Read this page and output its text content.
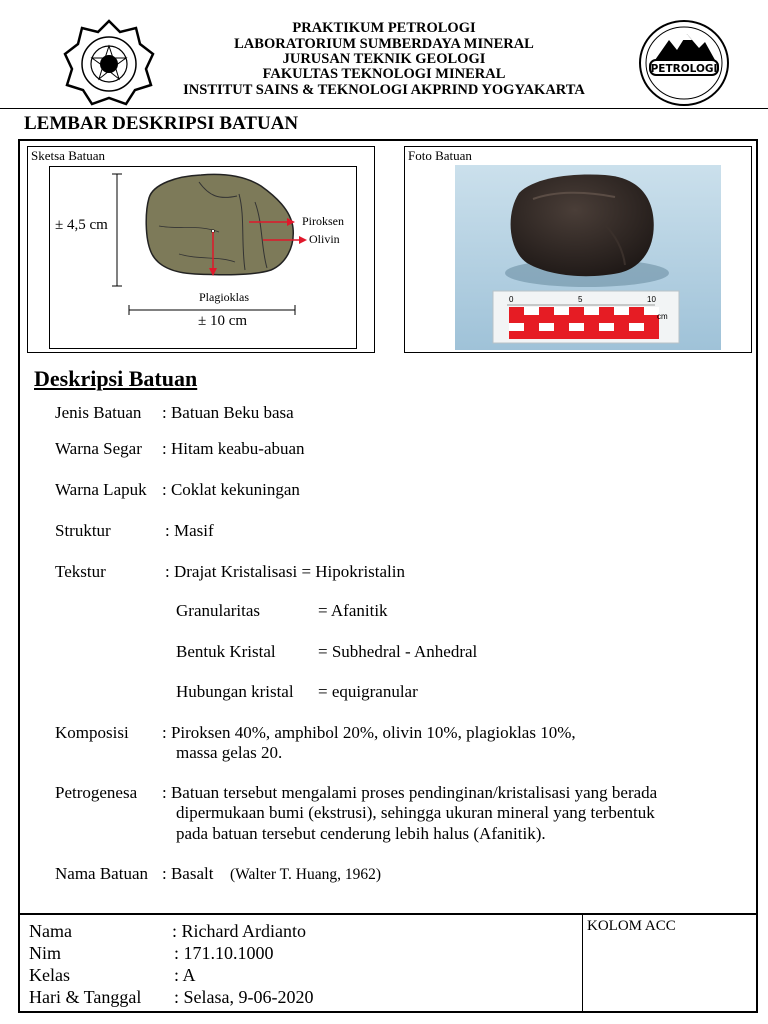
PETROLOGI
PRAKTIKUM PETROLOGI
LABORATORIUM SUMBERDAYA MINERAL
JURUSAN TEKNIK GEOLOGI
FAKULTAS TEKNOLOGI MINERAL
INSTITUT SAINS & TEKNOLOGI AKPRIND YOGYAKARTA
LEMBAR DESKRIPSI BATUAN
Sketsa Batuan
± 4,5 cm
± 10 cm
Piroksen
Olivin
Plagioklas
Foto Batuan
0	5	10
cm
Deskripsi Batuan
Jenis Batuan : Batuan Beku basa
Warna Segar : Hitam keabu-abuan
Warna Lapuk : Coklat kekuningan
Struktur	: Masif
Tekstur	: Drajat Kristalisasi = Hipokristalin
Granularitas	= Afanitik
Bentuk Kristal = Subhedral - Anhedral
Hubungan kristal = equigranular
Komposisi : Piroksen 40%, amphibol 20%, olivin 10%, plagioklas 10%,
massa gelas 20.
Petrogenesa : Batuan tersebut mengalami proses pendinginan/kristalisasi yang berada
dipermukaan bumi (ekstrusi), sehingga ukuran mineral yang terbentuk
pada batuan tersebut cenderung lebih halus (Afanitik).
Nama Batuan : Basalt (Walter T. Huang, 1962)
Nama	: Richard Ardianto
Nim	: 171.10.1000
Kelas	: A
Hari & Tanggal : Selasa, 9-06-2020
KOLOM ACC
